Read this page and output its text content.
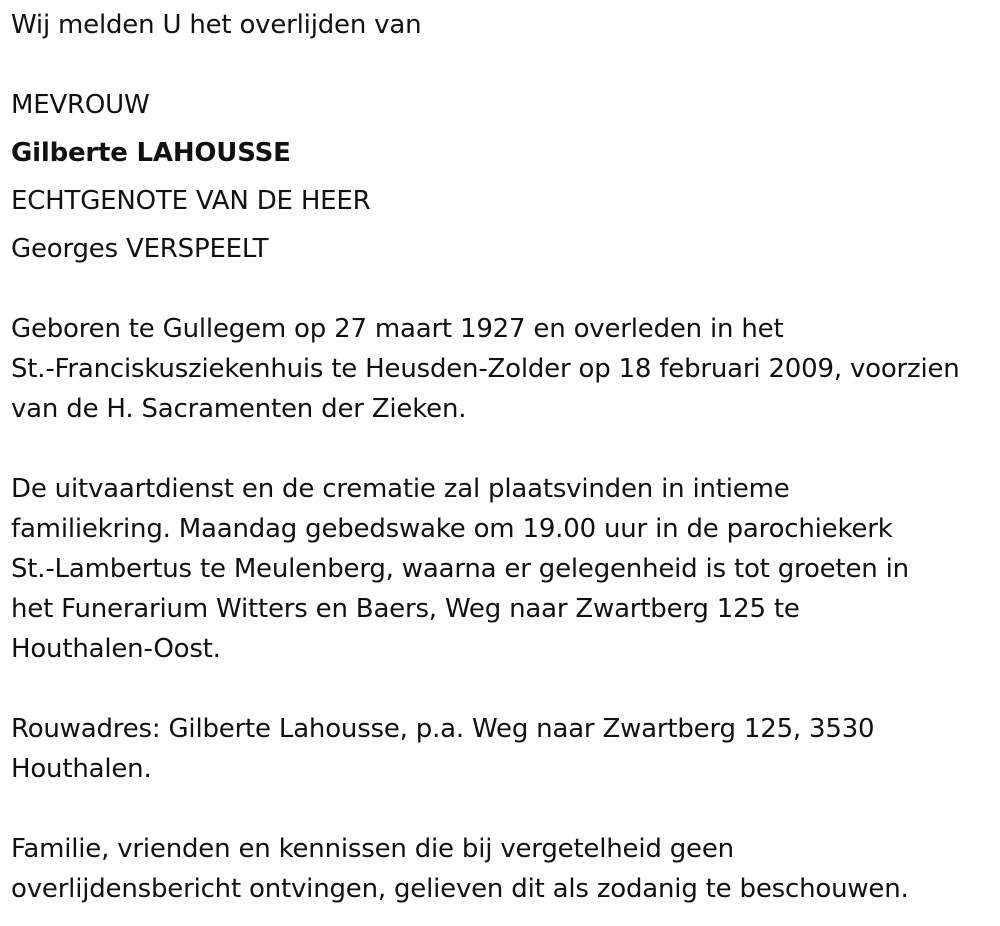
Wij melden U het overlijden van
MEVROUW
Gilberte LAHOUSSE
ECHTGENOTE VAN DE HEER
Georges VERSPEELT
Geboren te Gullegem op 27 maart 1927 en overleden in het
St.-Franciskusziekenhuis te Heusden-Zolder op 18 februari 2009, voorzien
van de H. Sacramenten der Zieken.
De uitvaartdienst en de crematie zal plaatsvinden in intieme
familiekring. Maandag gebedswake om 19.00 uur in de parochiekerk
St.-Lambertus te Meulenberg, waarna er gelegenheid is tot groeten in
het Funerarium Witters en Baers, Weg naar Zwartberg 125 te
Houthalen-Oost.
Rouwadres: Gilberte Lahousse, p.a. Weg naar Zwartberg 125, 3530
Houthalen.
Familie, vrienden en kennissen die bij vergetelheid geen
overlijdensbericht ontvingen, gelieven dit als zodanig te beschouwen.
